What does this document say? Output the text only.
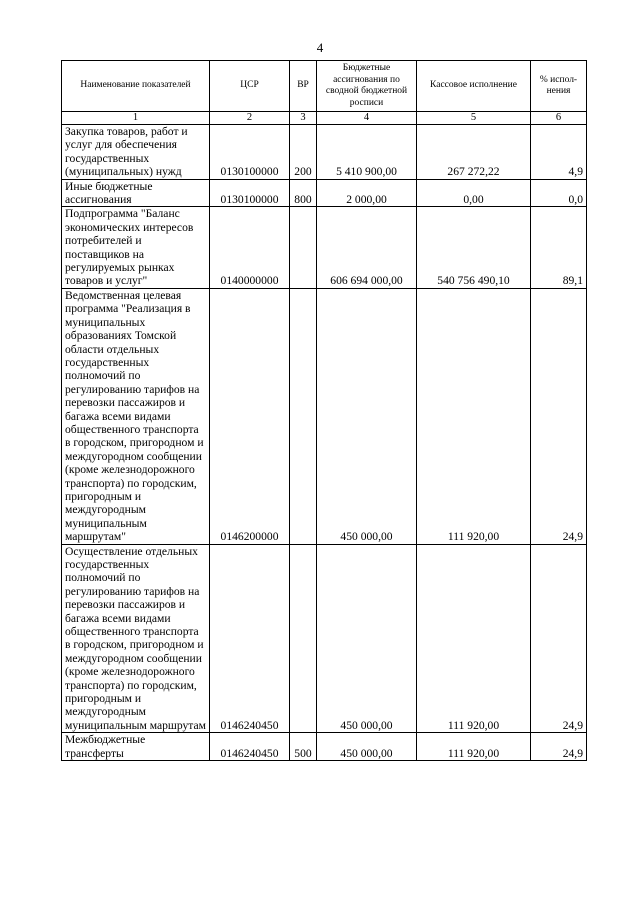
4
Наименование показателей	ЦСР	ВР	Бюджетные ассигнования по сводной бюджетной росписи	Кассовое исполнение	% испол-нения
1	2	3	4	5	6
Закупка товаров, работ и услуг для обеспечения государственных (муниципальных) нужд	0130100000	200	5 410 900,00	267 272,22	4,9
Иные бюджетные ассигнования	0130100000	800	2 000,00	0,00	0,0
Подпрограмма "Баланс экономических интересов потребителей и поставщиков на регулируемых рынках товаров и услуг"	0140000000		606 694 000,00	540 756 490,10	89,1
Ведомственная целевая программа "Реализация в муниципальных образованиях Томской области отдельных государственных полномочий по регулированию тарифов на перевозки пассажиров и багажа всеми видами общественного транспорта в городском, пригородном и междугородном сообщении (кроме железнодорожного транспорта) по городским, пригородным и междугородным муниципальным маршрутам"	0146200000		450 000,00	111 920,00	24,9
Осуществление отдельных государственных полномочий по регулированию тарифов на перевозки пассажиров и багажа всеми видами общественного транспорта в городском, пригородном и междугородном сообщении (кроме железнодорожного транспорта) по городским, пригородным и междугородным муниципальным маршрутам	0146240450		450 000,00	111 920,00	24,9
Межбюджетные трансферты	0146240450	500	450 000,00	111 920,00	24,9
